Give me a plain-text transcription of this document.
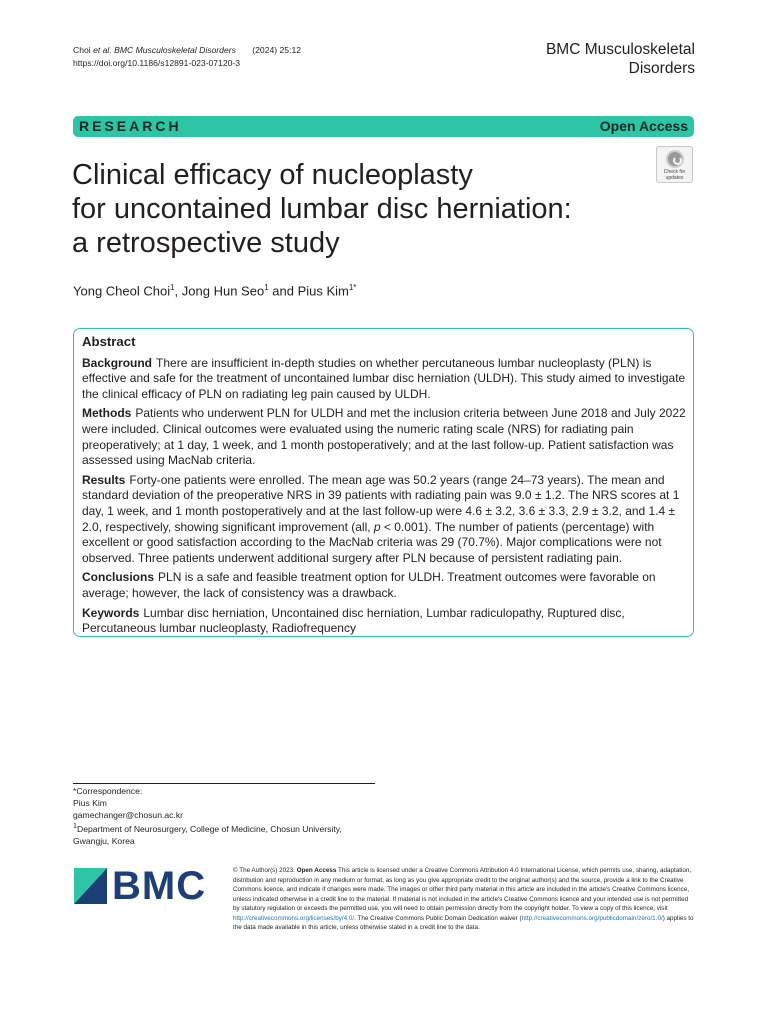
Choi et al. BMC Musculoskeletal Disorders (2024) 25:12
https://doi.org/10.1186/s12891-023-07120-3
BMC Musculoskeletal Disorders
RESEARCH	Open Access
Clinical efficacy of nucleoplasty
for uncontained lumbar disc herniation:
a retrospective study
Check for updates
Yong Cheol Choi$^1$, Jong Hun Seo$^1$ and Pius Kim$^{1*}$
Abstract

Background There are insufficient in-depth studies on whether percutaneous lumbar nucleoplasty (PLN) is effective and safe for the treatment of uncontained lumbar disc herniation (ULDH). This study aimed to investigate the clinical efficacy of PLN on radiating leg pain caused by ULDH.

Methods Patients who underwent PLN for ULDH and met the inclusion criteria between June 2018 and July 2022 were included. Clinical outcomes were evaluated using the numeric rating scale (NRS) for radiating pain preoperatively; at 1 day, 1 week, and 1 month postoperatively; and at the last follow-up. Patient satisfaction was assessed using MacNab criteria.

Results Forty-one patients were enrolled. The mean age was 50.2 years (range 24–73 years). The mean and standard deviation of the preoperative NRS in 39 patients with radiating pain was 9.0 ± 1.2. The NRS scores at 1 day, 1 week, and 1 month postoperatively and at the last follow-up were 4.6 ± 3.2, 3.6 ± 3.3, 2.9 ± 3.2, and 1.4 ± 2.0, respectively, showing significant improvement (all, p < 0.001). The number of patients (percentage) with excellent or good satisfaction according to the MacNab criteria was 29 (70.7%). Major complications were not observed. Three patients underwent additional surgery after PLN because of persistent radiating pain.

Conclusions PLN is a safe and feasible treatment option for ULDH. Treatment outcomes were favorable on average; however, the lack of consistency was a drawback.

Keywords Lumbar disc herniation, Uncontained disc herniation, Lumbar radiculopathy, Ruptured disc, Percutaneous lumbar nucleoplasty, Radiofrequency

*Correspondence:
Pius Kim
gamechanger@chosun.ac.kr
$^1$Department of Neurosurgery, College of Medicine, Chosun University,
Gwangju, Korea
BMC	© The Author(s) 2023. Open Access This article is licensed under a Creative Commons Attribution 4.0 International License, which permits use, sharing, adaptation, distribution and reproduction in any medium or format, as long as you give appropriate credit to the original author(s) and the source, provide a link to the Creative Commons licence, and indicate if changes were made. The images or other third party material in this article are included in the article's Creative Commons licence, unless indicated otherwise in a credit line to the material. If material is not included in the article's Creative Commons licence and your intended use is not permitted by statutory regulation or exceeds the permitted use, you will need to obtain permission directly from the copyright holder. To view a copy of this licence, visit http://creativecommons.org/licenses/by/4.0/. The Creative Commons Public Domain Dedication waiver (http://creativecommons.org/publicdomain/zero/1.0/) applies to the data made available in this article, unless otherwise stated in a credit line to the data.
